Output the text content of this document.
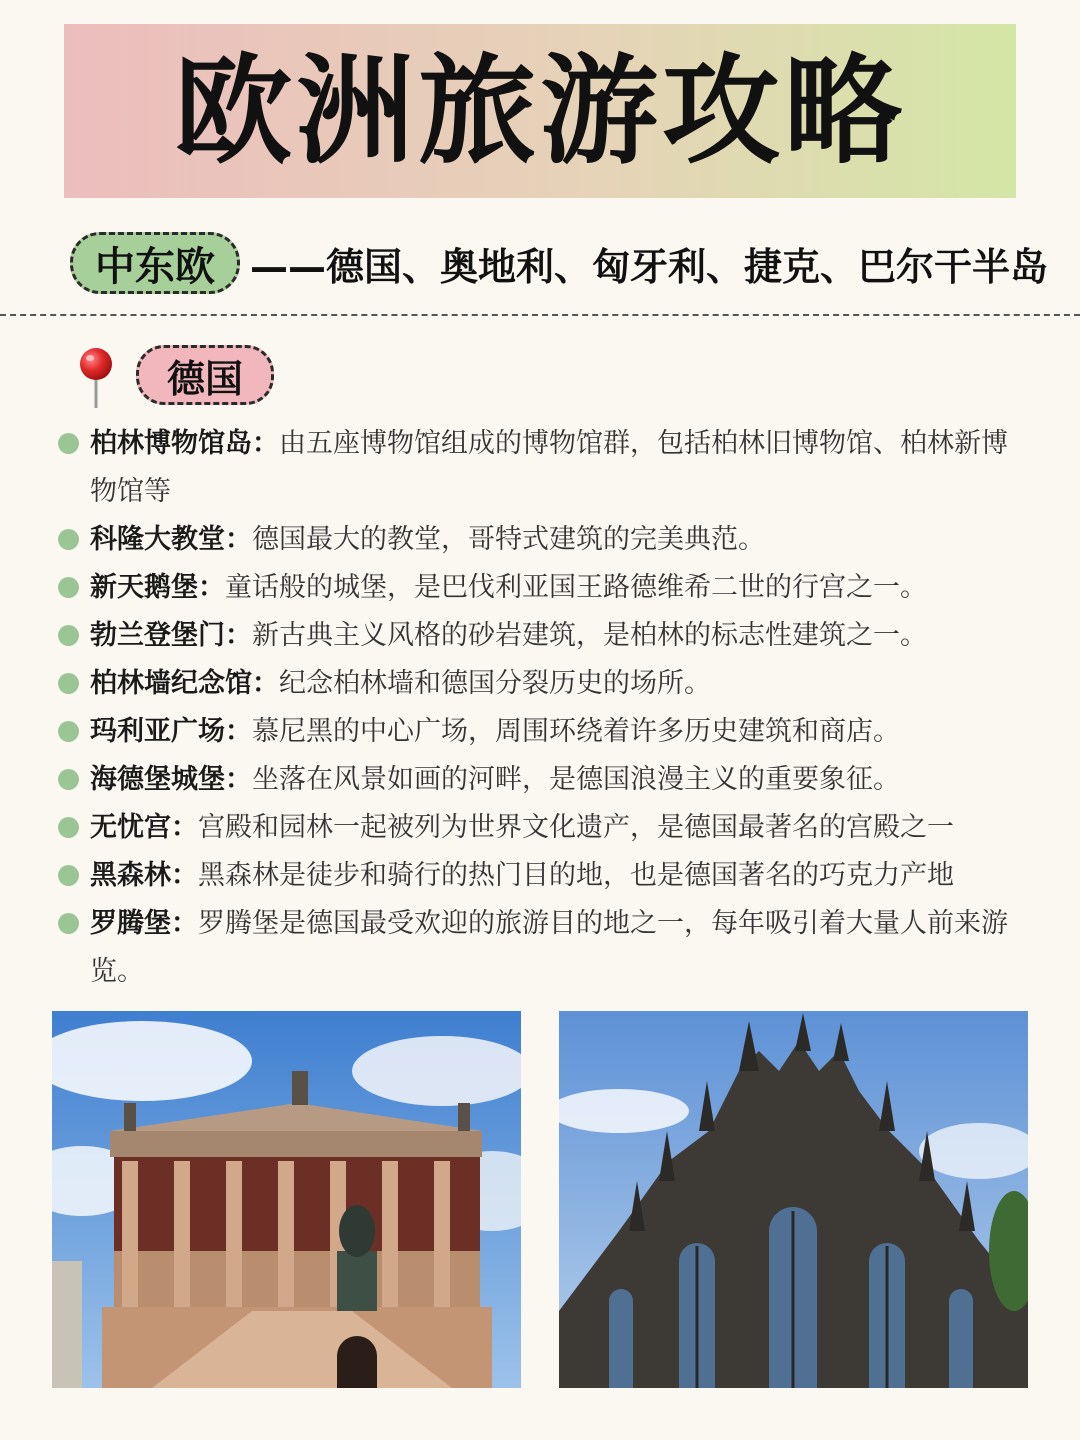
欧洲旅游攻略
中东欧 ——德国、奥地利、匈牙利、捷克、巴尔干半岛
德国
柏林博物馆岛：由五座博物馆组成的博物馆群，包括柏林旧博物馆、柏林新博物馆等
科隆大教堂：德国最大的教堂，哥特式建筑的完美典范。
新天鹅堡：童话般的城堡，是巴伐利亚国王路德维希二世的行宫之一。
勃兰登堡门：新古典主义风格的砂岩建筑，是柏林的标志性建筑之一。
柏林墙纪念馆：纪念柏林墙和德国分裂历史的场所。
玛利亚广场：慕尼黑的中心广场，周围环绕着许多历史建筑和商店。
海德堡城堡：坐落在风景如画的河畔，是德国浪漫主义的重要象征。
无忧宫：宫殿和园林一起被列为世界文化遗产，是德国最著名的宫殿之一
黑森林：黑森林是徒步和骑行的热门目的地，也是德国著名的巧克力产地
罗腾堡：罗腾堡是德国最受欢迎的旅游目的地之一，每年吸引着大量人前来游览。
